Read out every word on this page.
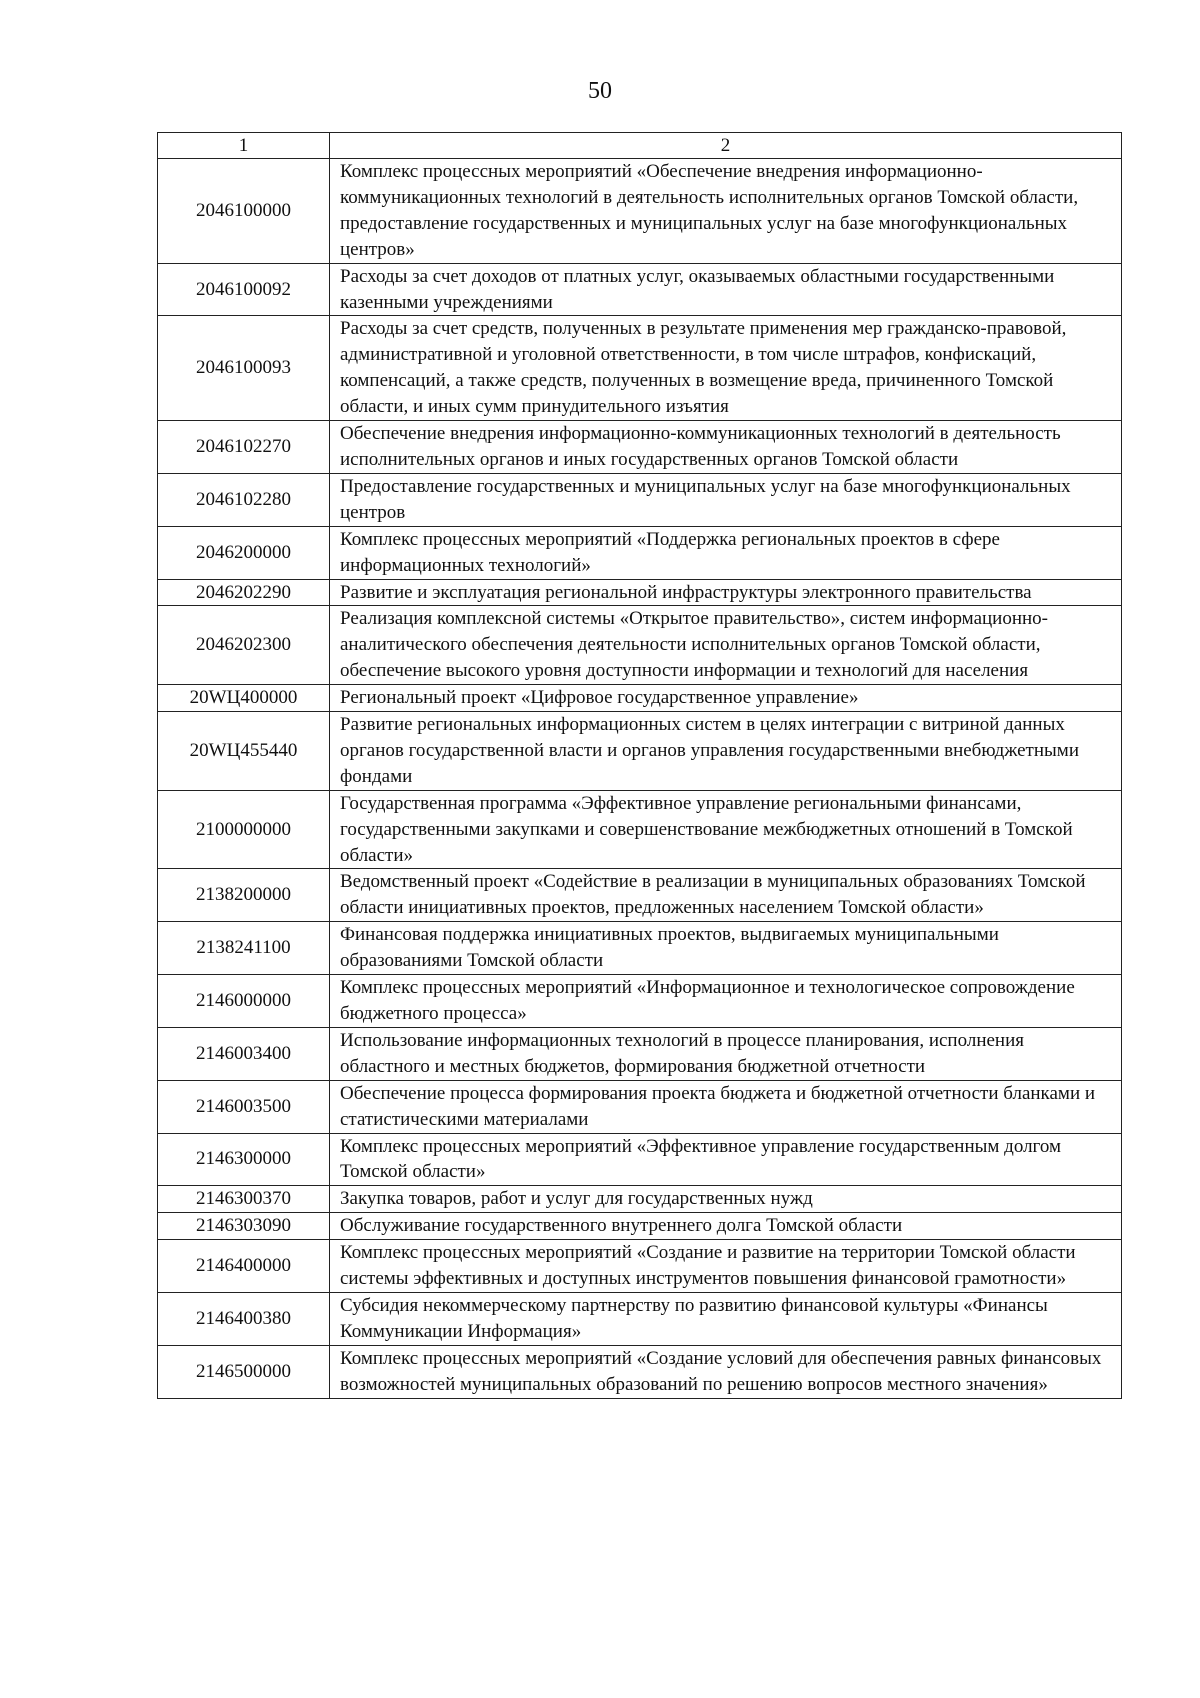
50
1	2
2046100000	Комплекс процессных мероприятий «Обеспечение внедрения информационно-коммуникационных технологий в деятельность исполнительных органов Томской области, предоставление государственных и муниципальных услуг на базе многофункциональных центров»
2046100092	Расходы за счет доходов от платных услуг, оказываемых областными государственными казенными учреждениями
2046100093	Расходы за счет средств, полученных в результате применения мер гражданско-правовой, административной и уголовной ответственности, в том числе штрафов, конфискаций, компенсаций, а также средств, полученных в возмещение вреда, причиненного Томской области, и иных сумм принудительного изъятия
2046102270	Обеспечение внедрения информационно-коммуникационных технологий в деятельность исполнительных органов и иных государственных органов Томской области
2046102280	Предоставление государственных и муниципальных услуг на базе многофункциональных центров
2046200000	Комплекс процессных мероприятий «Поддержка региональных проектов в сфере информационных технологий»
2046202290	Развитие и эксплуатация региональной инфраструктуры электронного правительства
2046202300	Реализация комплексной системы «Открытое правительство», систем информационно-аналитического обеспечения деятельности исполнительных органов Томской области, обеспечение высокого уровня доступности информации и технологий для населения
20WЦ400000	Региональный проект «Цифровое государственное управление»
20WЦ455440	Развитие региональных информационных систем в целях интеграции с витриной данных органов государственной власти и органов управления государственными внебюджетными фондами
2100000000	Государственная программа «Эффективное управление региональными финансами, государственными закупками и совершенствование межбюджетных отношений в Томской области»
2138200000	Ведомственный проект «Содействие в реализации в муниципальных образованиях Томской области инициативных проектов, предложенных населением Томской области»
2138241100	Финансовая поддержка инициативных проектов, выдвигаемых муниципальными образованиями Томской области
2146000000	Комплекс процессных мероприятий «Информационное и технологическое сопровождение бюджетного процесса»
2146003400	Использование информационных технологий в процессе планирования, исполнения областного и местных бюджетов, формирования бюджетной отчетности
2146003500	Обеспечение процесса формирования проекта бюджета и бюджетной отчетности бланками и статистическими материалами
2146300000	Комплекс процессных мероприятий «Эффективное управление государственным долгом Томской области»
2146300370	Закупка товаров, работ и услуг для государственных нужд
2146303090	Обслуживание государственного внутреннего долга Томской области
2146400000	Комплекс процессных мероприятий «Создание и развитие на территории Томской области системы эффективных и доступных инструментов повышения финансовой грамотности»
2146400380	Субсидия некоммерческому партнерству по развитию финансовой культуры «Финансы Коммуникации Информация»
2146500000	Комплекс процессных мероприятий «Создание условий для обеспечения равных финансовых возможностей муниципальных образований по решению вопросов местного значения»
